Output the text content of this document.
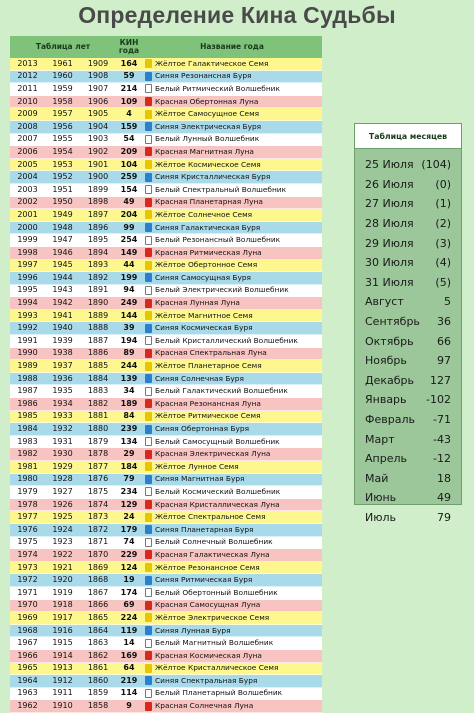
Определение Кина Судьбы
Таблица лет	КИН года	Название года
2013	1961	1909	164	Жёлтое Галактическое Семя
2012	1960	1908	59	Синяя Резонансная Буря
2011	1959	1907	214	Белый Ритмический Волшебник
2010	1958	1906	109	Красная Обертонная Луна
2009	1957	1905	4	Жёлтое Самосущное Семя
2008	1956	1904	159	Синяя Электрическая Буря
2007	1955	1903	54	Белый Лунный Волшебник
2006	1954	1902	209	Красная Магнитная Луна
2005	1953	1901	104	Жёлтое Космическое Семя
2004	1952	1900	259	Синяя Кристаллическая Буря
2003	1951	1899	154	Белый Спектральный Волшебник
2002	1950	1898	49	Красная Планетарная Луна
2001	1949	1897	204	Жёлтое Солнечное Семя
2000	1948	1896	99	Синяя Галактическая Буря
1999	1947	1895	254	Белый Резонансный Волшебник
1998	1946	1894	149	Красная Ритмическая Луна
1997	1945	1893	44	Жёлтое Обертонное Семя
1996	1944	1892	199	Синяя Самосущная Буря
1995	1943	1891	94	Белый Электрический Волшебник
1994	1942	1890	249	Красная Лунная Луна
1993	1941	1889	144	Жёлтое Магнитное Семя
1992	1940	1888	39	Синяя Космическая Буря
1991	1939	1887	194	Белый Кристаллический Волшебник
1990	1938	1886	89	Красная Спектральная Луна
1989	1937	1885	244	Жёлтое Планетарное Семя
1988	1936	1884	139	Синяя Солнечная Буря
1987	1935	1883	34	Белый Галактический Волшебник
1986	1934	1882	189	Красная Резонансная Луна
1985	1933	1881	84	Жёлтое Ритмическое Семя
1984	1932	1880	239	Синяя Обертонная Буря
1983	1931	1879	134	Белый Самосущный Волшебник
1982	1930	1878	29	Красная Электрическая Луна
1981	1929	1877	184	Жёлтое Лунное Семя
1980	1928	1876	79	Синяя Магнитная Буря
1979	1927	1875	234	Белый Космический Волшебник
1978	1926	1874	129	Красная Кристаллическая Луна
1977	1925	1873	24	Жёлтое Спектральное Семя
1976	1924	1872	179	Синяя Планетарная Буря
1975	1923	1871	74	Белый Солнечный Волшебник
1974	1922	1870	229	Красная Галактическая Луна
1973	1921	1869	124	Жёлтое Резонансное Семя
1972	1920	1868	19	Синяя Ритмическая Буря
1971	1919	1867	174	Белый Обертонный Волшебник
1970	1918	1866	69	Красная Самосущная Луна
1969	1917	1865	224	Жёлтое Электрическое Семя
1968	1916	1864	119	Синяя Лунная Буря
1967	1915	1863	14	Белый Магнитный Волшебник
1966	1914	1862	169	Красная Космическая Луна
1965	1913	1861	64	Жёлтое Кристаллическое Семя
1964	1912	1860	219	Синяя Спектральная Буря
1963	1911	1859	114	Белый Планетарный Волшебник
1962	1910	1858	9	Красная Солнечная Луна
Таблица месяцев
25 Июля (104)
26 Июля (0)
27 Июля (1)
28 Июля (2)
29 Июля (3)
30 Июля (4)
31 Июля (5)
Август	5
Сентябрь 36
Октябрь 66
Ноябрь	97
Декабрь 127
Январь -102
Февраль -71
Март	-43
Апрель -12
Май	18
Июнь	49
Июль	79
